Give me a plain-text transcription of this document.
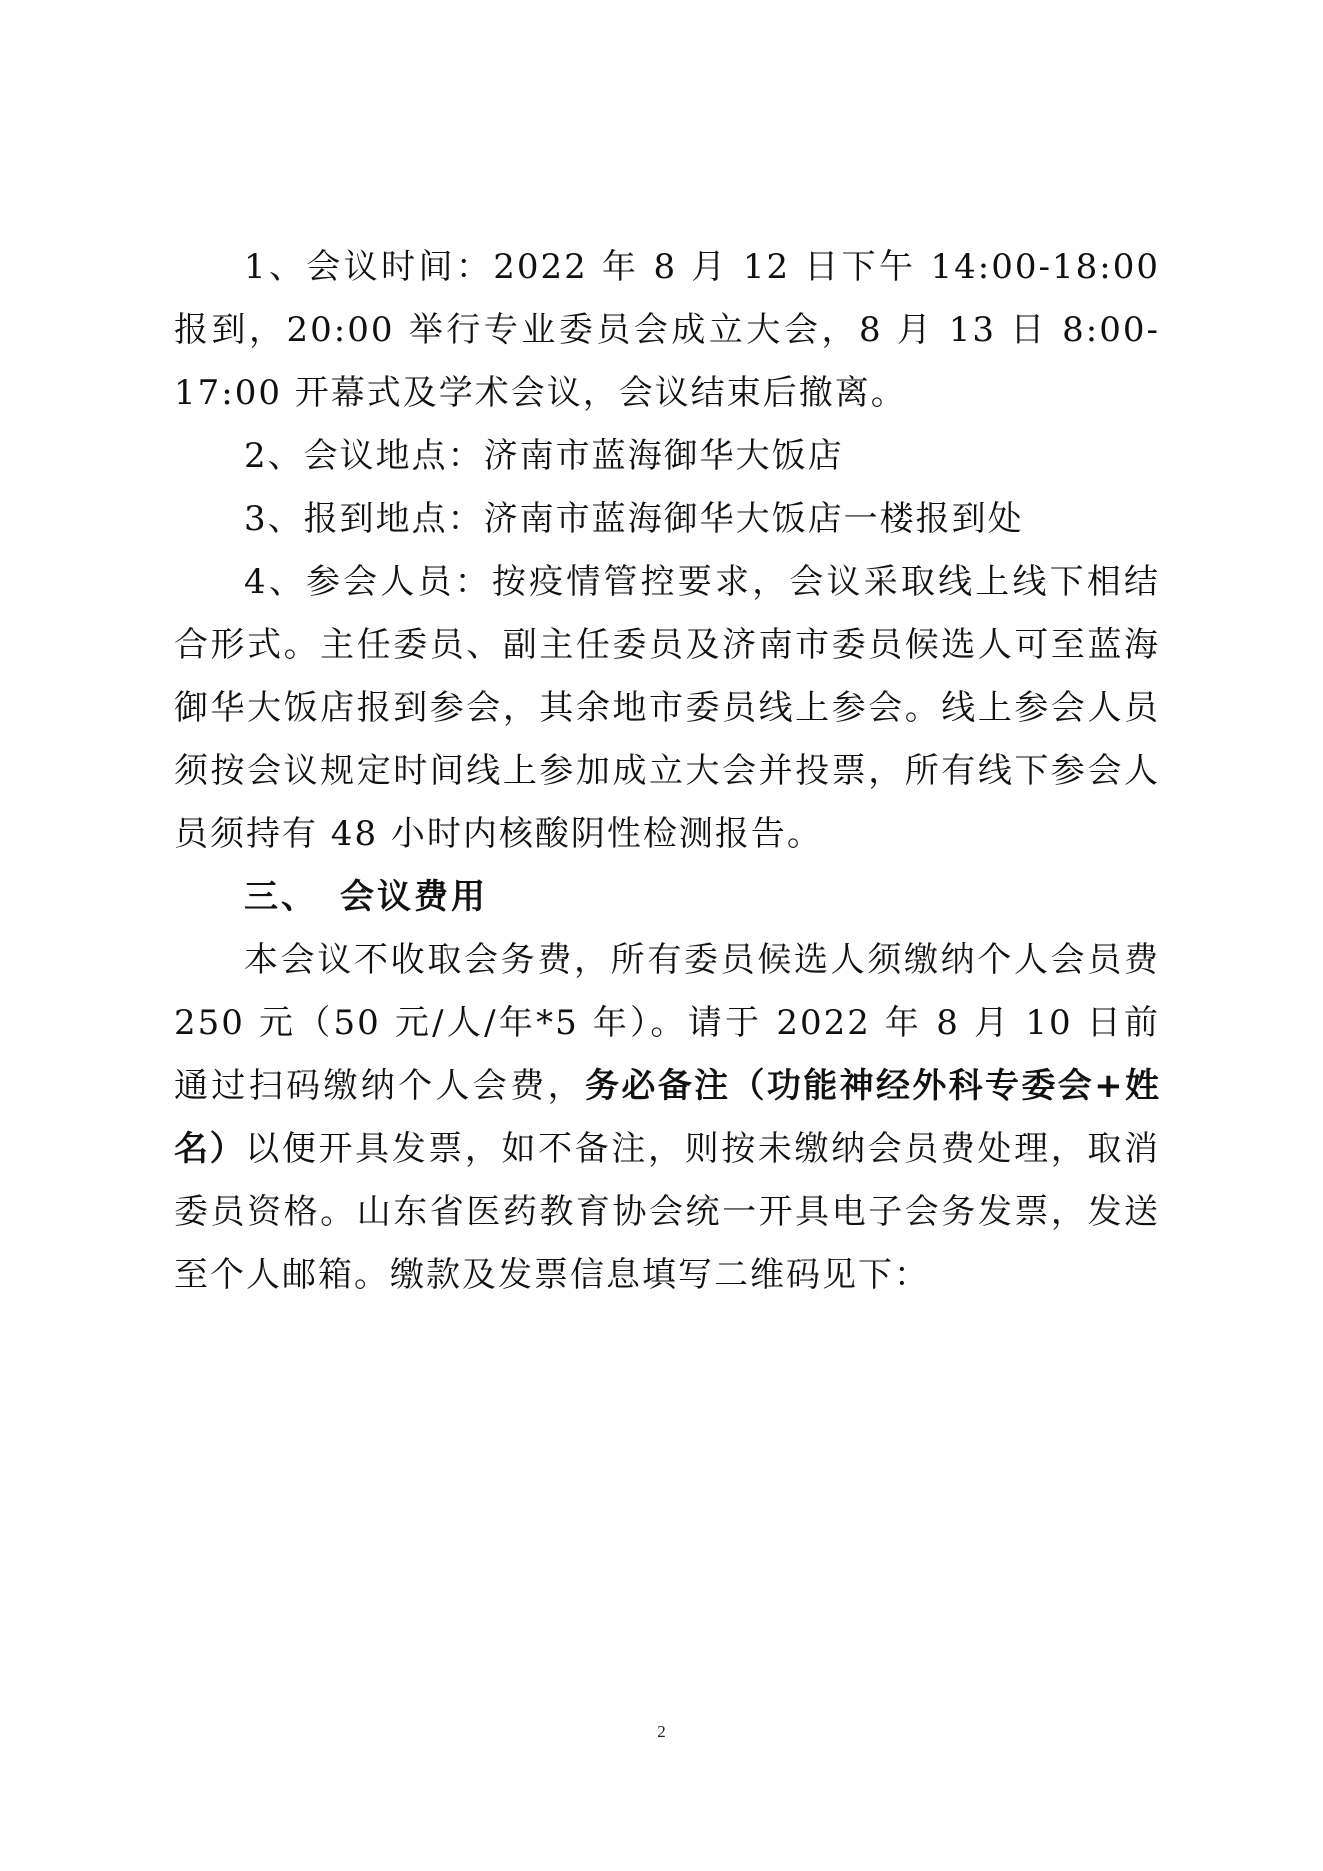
1、会议时间：2022 年 8 月 12 日下午 14:00-18:00 报到，20:00 举行专业委员会成立大会，8 月 13 日 8:00-17:00 开幕式及学术会议，会议结束后撤离。

2、会议地点：济南市蓝海御华大饭店

3、报到地点：济南市蓝海御华大饭店一楼报到处

4、参会人员：按疫情管控要求，会议采取线上线下相结合形式。主任委员、副主任委员及济南市委员候选人可至蓝海御华大饭店报到参会，其余地市委员线上参会。线上参会人员须按会议规定时间线上参加成立大会并投票，所有线下参会人员须持有 48 小时内核酸阴性检测报告。

三、 会议费用

本会议不收取会务费，所有委员候选人须缴纳个人会员费 250 元（50 元/人/年*5 年）。请于 2022 年 8 月 10 日前通过扫码缴纳个人会费，务必备注（功能神经外科专委会+姓名）以便开具发票，如不备注，则按未缴纳会员费处理，取消委员资格。山东省医药教育协会统一开具电子会务发票，发送至个人邮箱。缴款及发票信息填写二维码见下：

2
